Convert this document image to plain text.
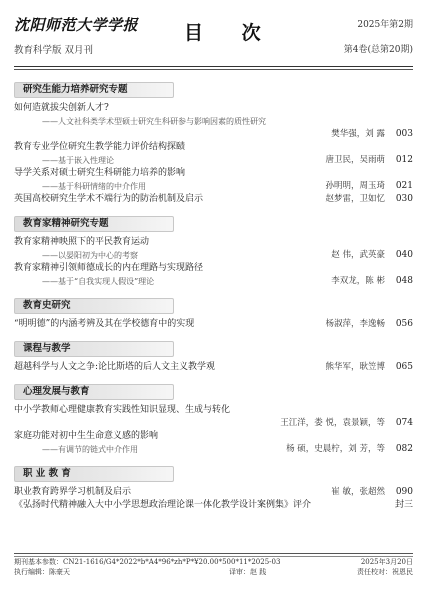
沈阳师范大学学报
教育科学版 双月刊
目 次	2025年第2期
第4卷(总第20期)
研究生能力培养研究专题
如何造就拔尖创新人才?
——人文社科类学术型硕士研究生科研参与影响因素的质性研究
樊华强，刘 露 003
教育专业学位研究生教学能力评价结构探赜
——基于嵌入性理论	唐卫民，吴雨萌 012
导学关系对硕士研究生科研能力培养的影响
——基于科研情绪的中介作用	孙明明，周玉琦 021
英国高校研究生学术不端行为的防治机制及启示	赵梦雷，卫如忆 030
教育家精神研究专题
教育家精神映照下的平民教育运动
——以晏阳初为中心的考察	赵 伟，武英豪 040
教育家精神引领师德成长的内在理路与实现路径
——基于“自我实现人假设”理论	李双龙，陈 彬 048
教育史研究
“明明德”的内涵考辨及其在学校德育中的实现	杨淑萍，李逸畅 056
课程与教学
超越科学与人文之争:论比斯塔的后人文主义教学观	熊华军，耿笠博 065
心理发展与教育
中小学教师心理健康教育实践性知识显现、生成与转化
王江洋，娄 悦，袁景颖，等 074
家庭功能对初中生生命意义感的影响
——有调节的链式中介作用	杨 硕，史晨柠，刘 芳，等 082
职 业 教 育
职业教育跨界学习机制及启示	崔 敏，张超然 090
《弘扬时代精神融入大中小学思想政治理论课一体化教学设计案例集》评介	封三
期刊基本参数：CN21-1616/G4*2022*b*A4*96*zh*P*¥20.00*500*11*2025-03	2025年3月20日
执行编辑：陈豪天	译审：赵 践	责任校对：祝恩民
